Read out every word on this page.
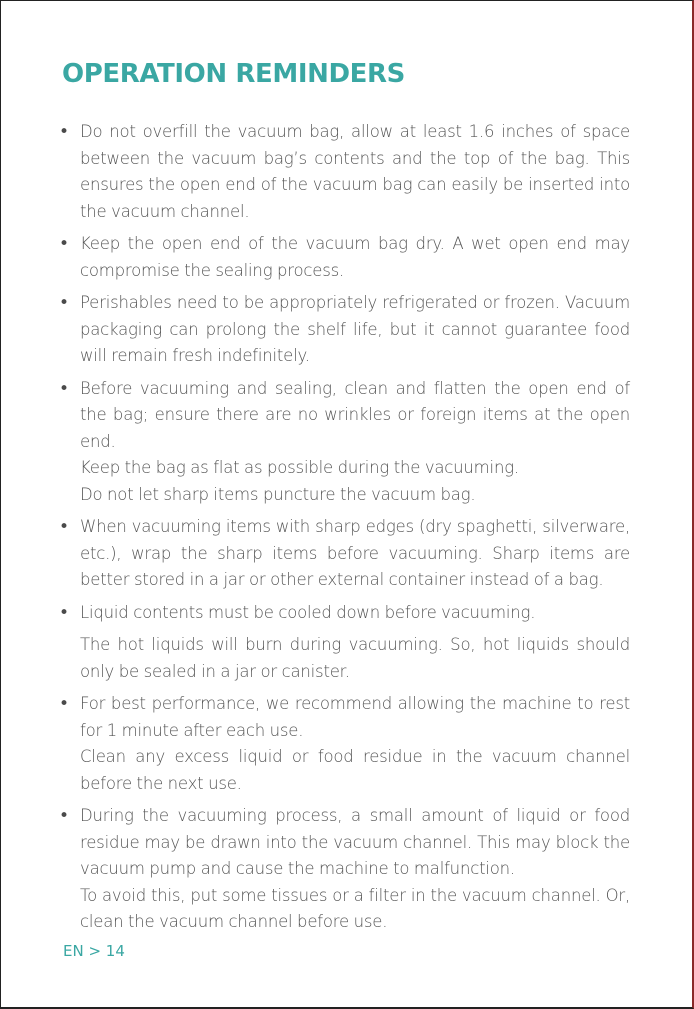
OPERATION REMINDERS
• Do not overfill the vacuum bag, allow at least 1.6 inches of space between the vacuum bag’s contents and the top of the bag. This ensures the open end of the vacuum bag can easily be inserted into the vacuum channel.
• Keep the open end of the vacuum bag dry. A wet open end may compromise the sealing process.
• Perishables need to be appropriately refrigerated or frozen. Vacuum packaging can prolong the shelf life, but it cannot guarantee food will remain fresh indefinitely.
• Before vacuuming and sealing, clean and flatten the open end of the bag; ensure there are no wrinkles or foreign items at the open end.
Keep the bag as flat as possible during the vacuuming.
Do not let sharp items puncture the vacuum bag.
• When vacuuming items with sharp edges (dry spaghetti, silverware, etc.), wrap the sharp items before vacuuming. Sharp items are better stored in a jar or other external container instead of a bag.
• Liquid contents must be cooled down before vacuuming.
The hot liquids will burn during vacuuming. So, hot liquids should only be sealed in a jar or canister.
• For best performance, we recommend allowing the machine to rest for 1 minute after each use.
Clean any excess liquid or food residue in the vacuum channel before the next use.
• During the vacuuming process, a small amount of liquid or food residue may be drawn into the vacuum channel. This may block the vacuum pump and cause the machine to malfunction.
To avoid this, put some tissues or a filter in the vacuum channel. Or, clean the vacuum channel before use.
EN > 14
